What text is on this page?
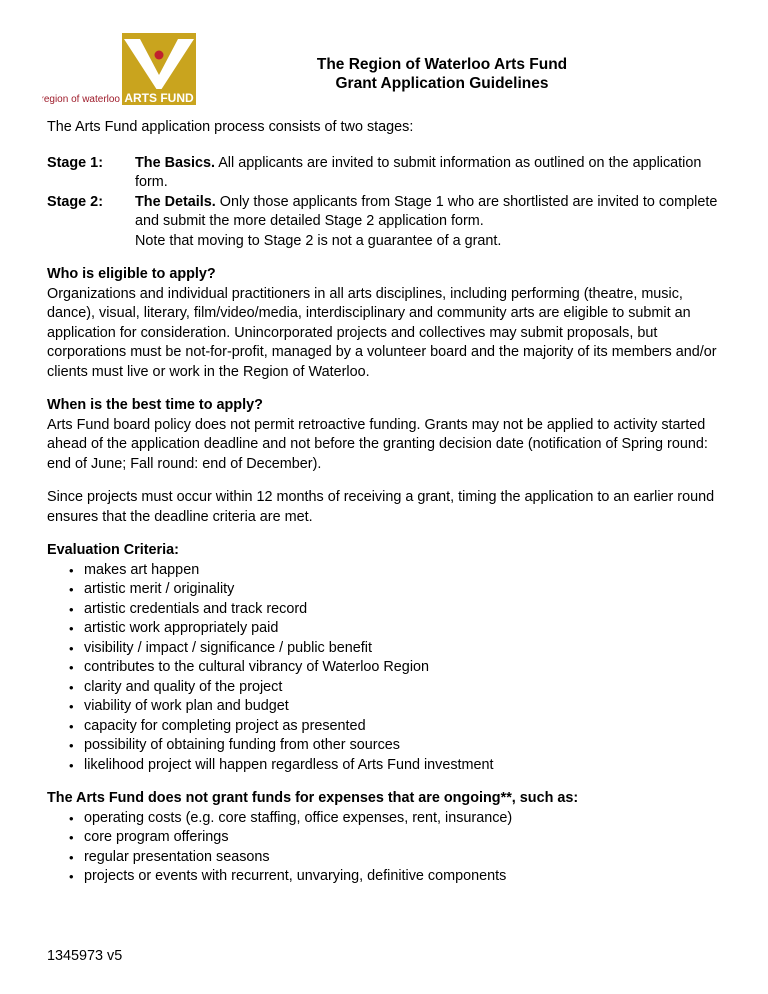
ARTS FUND
region of waterloo
The Region of Waterloo Arts Fund
Grant Application Guidelines

The Arts Fund application process consists of two stages:

Stage 1:	The Basics. All applicants are invited to submit information as outlined on the application form.
Stage 2:	The Details. Only those applicants from Stage 1 who are shortlisted are invited to complete and submit the more detailed Stage 2 application form.
Note that moving to Stage 2 is not a guarantee of a grant.

Who is eligible to apply?

Organizations and individual practitioners in all arts disciplines, including performing (theatre, music, dance), visual, literary, film/video/media, interdisciplinary and community arts are eligible to submit an application for consideration. Unincorporated projects and collectives may submit proposals, but corporations must be not-for-profit, managed by a volunteer board and the majority of its members and/or clients must live or work in the Region of Waterloo.

When is the best time to apply?

Arts Fund board policy does not permit retroactive funding. Grants may not be applied to activity started ahead of the application deadline and not before the granting decision date (notification of Spring round: end of June; Fall round: end of December).

Since projects must occur within 12 months of receiving a grant, timing the application to an earlier round ensures that the deadline criteria are met.

Evaluation Criteria:

• makes art happen
• artistic merit / originality
• artistic credentials and track record
• artistic work appropriately paid
• visibility / impact / significance / public benefit
• contributes to the cultural vibrancy of Waterloo Region
• clarity and quality of the project
• viability of work plan and budget
• capacity for completing project as presented
• possibility of obtaining funding from other sources
• likelihood project will happen regardless of Arts Fund investment

The Arts Fund does not grant funds for expenses that are ongoing**, such as:

• operating costs (e.g. core staffing, office expenses, rent, insurance)
• core program offerings
• regular presentation seasons
• projects or events with recurrent, unvarying, definitive components
1345973 v5
